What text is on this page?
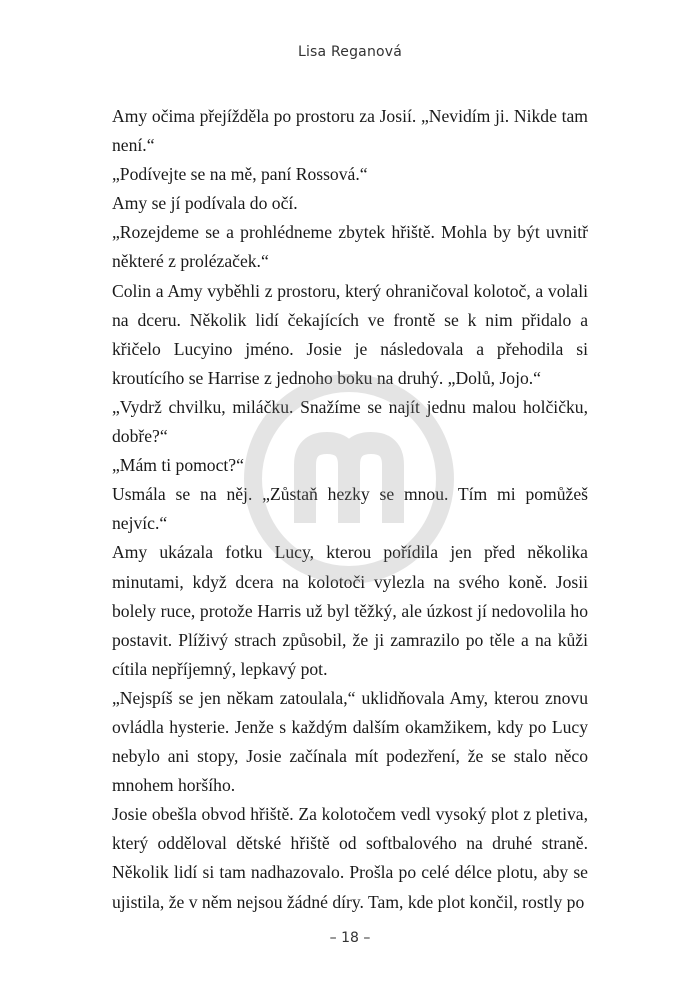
Lisa Reganová

Amy očima přejížděla po prostoru za Josií. „Nevidím ji. Nikde tam není.“

„Podívejte se na mě, paní Rossová.“

Amy se jí podívala do očí.

„Rozejdeme se a prohlédneme zbytek hřiště. Mohla by být uvnitř některé z prolézaček.“

Colin a Amy vyběhli z prostoru, který ohraničoval kolotoč, a volali na dceru. Několik lidí čekajících ve frontě se k nim přidalo a křičelo Lucyino jméno. Josie je následovala a přehodila si kroutícího se Harrise z jednoho boku na druhý. „Dolů, Jojo.“

„Vydrž chvilku, miláčku. Snažíme se najít jednu malou holčičku, dobře?“

„Mám ti pomoct?“

Usmála se na něj. „Zůstaň hezky se mnou. Tím mi pomůžeš nejvíc.“

Amy ukázala fotku Lucy, kterou pořídila jen před několika minutami, když dcera na kolotoči vylezla na svého koně. Josii bolely ruce, protože Harris už byl těžký, ale úzkost jí nedovolila ho postavit. Plíživý strach způsobil, že ji zamrazilo po těle a na kůži cítila nepříjemný, lepkavý pot.

„Nejspíš se jen někam zatoulala,“ uklidňovala Amy, kterou znovu ovládla hysterie. Jenže s každým dalším okamžikem, kdy po Lucy nebylo ani stopy, Josie začínala mít podezření, že se stalo něco mnohem horšího.

Josie obešla obvod hřiště. Za kolotočem vedl vysoký plot z pletiva, který odděloval dětské hřiště od softbalového na druhé straně. Několik lidí si tam nadhazovalo. Prošla po celé délce plotu, aby se ujistila, že v něm nejsou žádné díry. Tam, kde plot končil, rostly po

– 18 –
